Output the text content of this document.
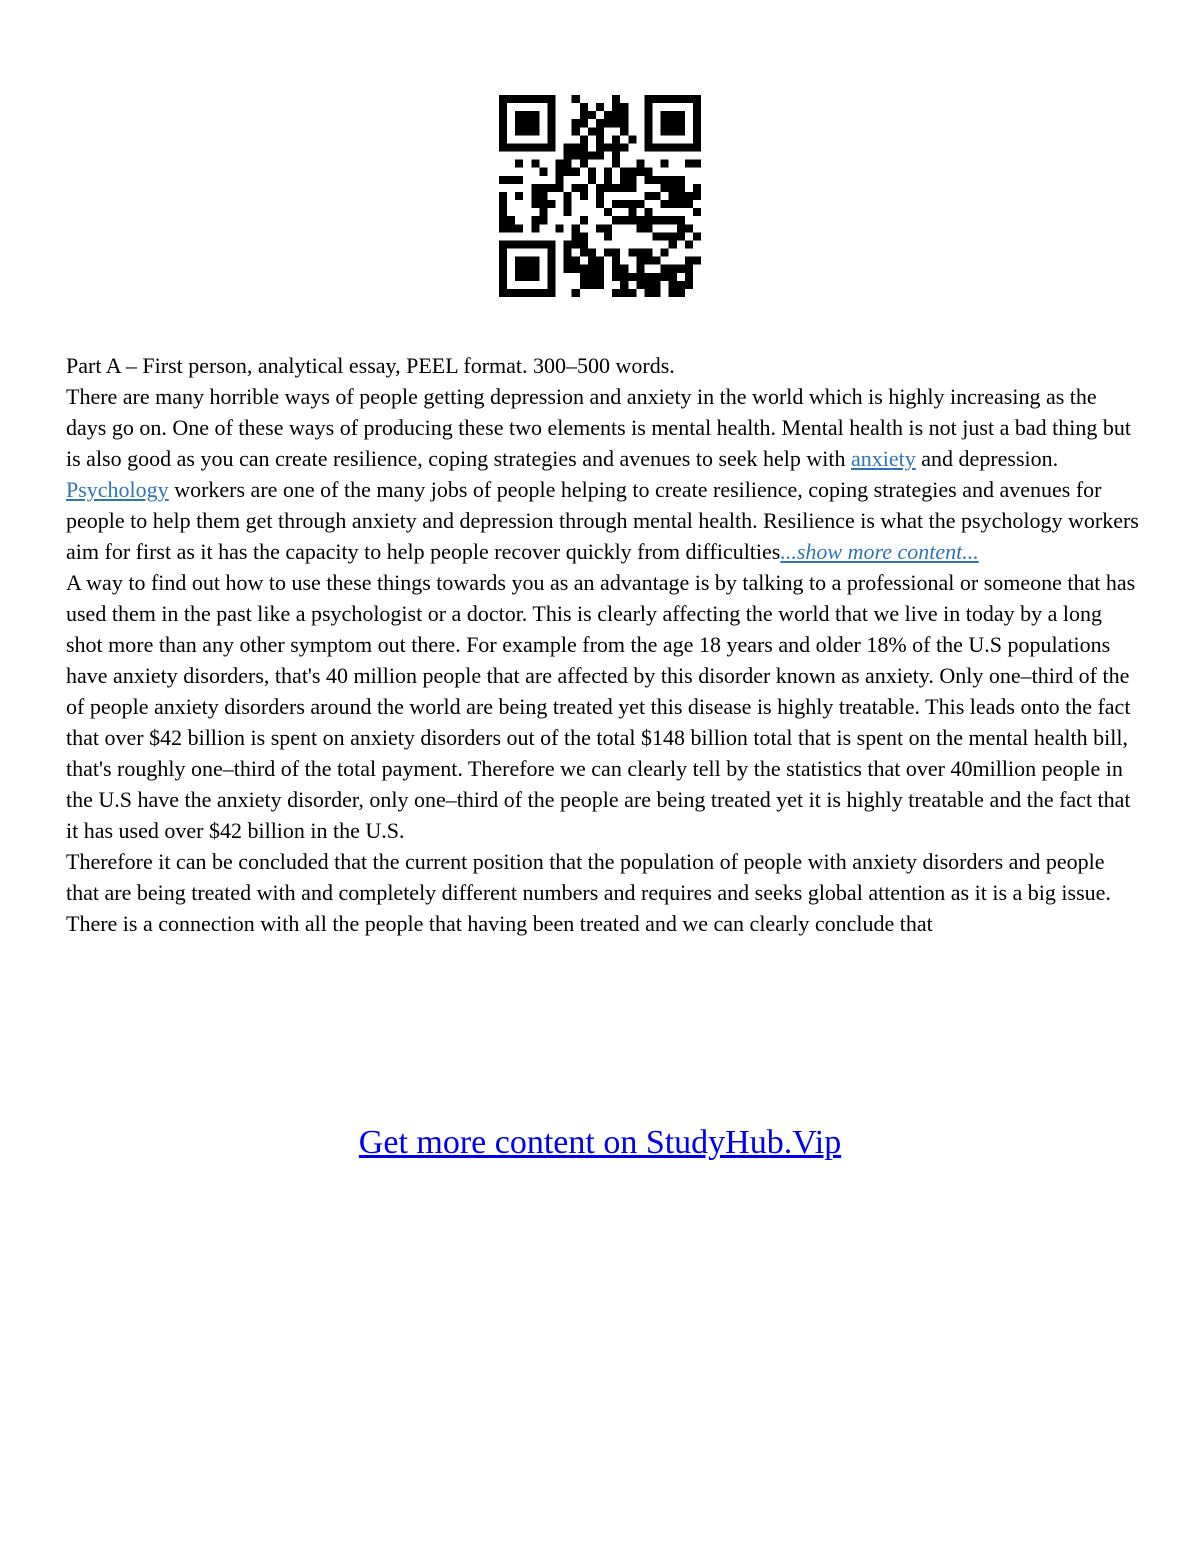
Part A – First person, analytical essay, PEEL format. 300–500 words.

There are many horrible ways of people getting depression and anxiety in the world which is highly increasing as the days go on. One of these ways of producing these two elements is mental health. Mental health is not just a bad thing but is also good as you can create resilience, coping strategies and avenues to seek help with anxiety and depression. Psychology workers are one of the many jobs of people helping to create resilience, coping strategies and avenues for people to help them get through anxiety and depression through mental health. Resilience is what the psychology workers aim for first as it has the capacity to help people recover quickly from difficulties...show more content...

A way to find out how to use these things towards you as an advantage is by talking to a professional or someone that has used them in the past like a psychologist or a doctor. This is clearly affecting the world that we live in today by a long shot more than any other symptom out there. For example from the age 18 years and older 18% of the U.S populations have anxiety disorders, that's 40 million people that are affected by this disorder known as anxiety. Only one–third of the of people anxiety disorders around the world are being treated yet this disease is highly treatable. This leads onto the fact that over $42 billion is spent on anxiety disorders out of the total $148 billion total that is spent on the mental health bill, that's roughly one–third of the total payment. Therefore we can clearly tell by the statistics that over 40million people in the U.S have the anxiety disorder, only one–third of the people are being treated yet it is highly treatable and the fact that it has used over $42 billion in the U.S.

Therefore it can be concluded that the current position that the population of people with anxiety disorders and people that are being treated with and completely different numbers and requires and seeks global attention as it is a big issue. There is a connection with all the people that having been treated and we can clearly conclude that

Get more content on StudyHub.Vip
